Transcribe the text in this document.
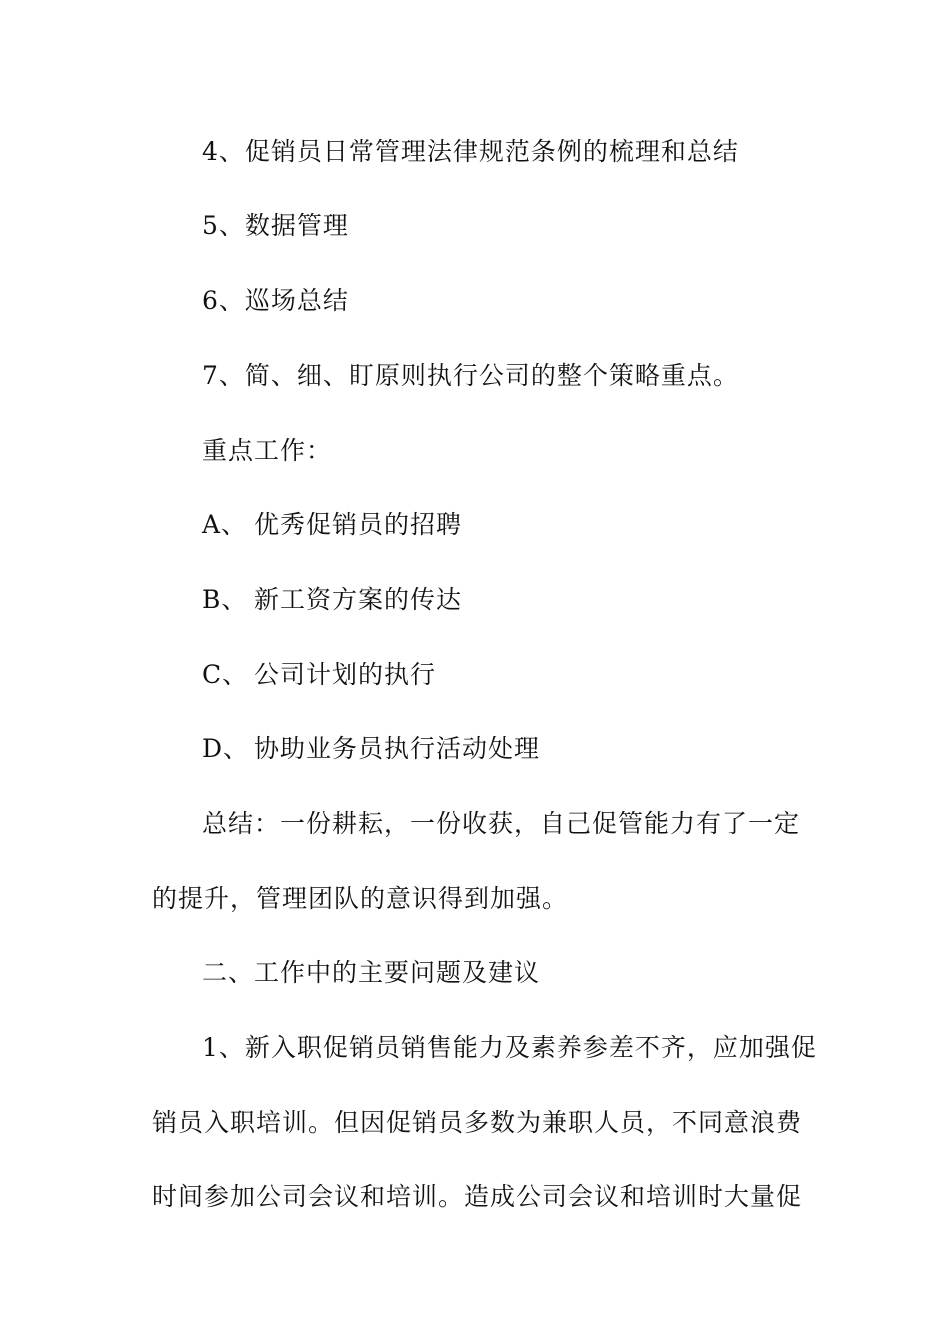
4、促销员日常管理法律规范条例的梳理和总结
5、数据管理
6、巡场总结
7、简、细、盯原则执行公司的整个策略重点。
重点工作：
A、 优秀促销员的招聘
B、 新工资方案的传达
C、 公司计划的执行
D、 协助业务员执行活动处理
总结：一份耕耘，一份收获，自己促管能力有了一定
的提升，管理团队的意识得到加强。
二、工作中的主要问题及建议
1、新入职促销员销售能力及素养参差不齐，应加强促
销员入职培训。但因促销员多数为兼职人员，不同意浪费
时间参加公司会议和培训。造成公司会议和培训时大量促
